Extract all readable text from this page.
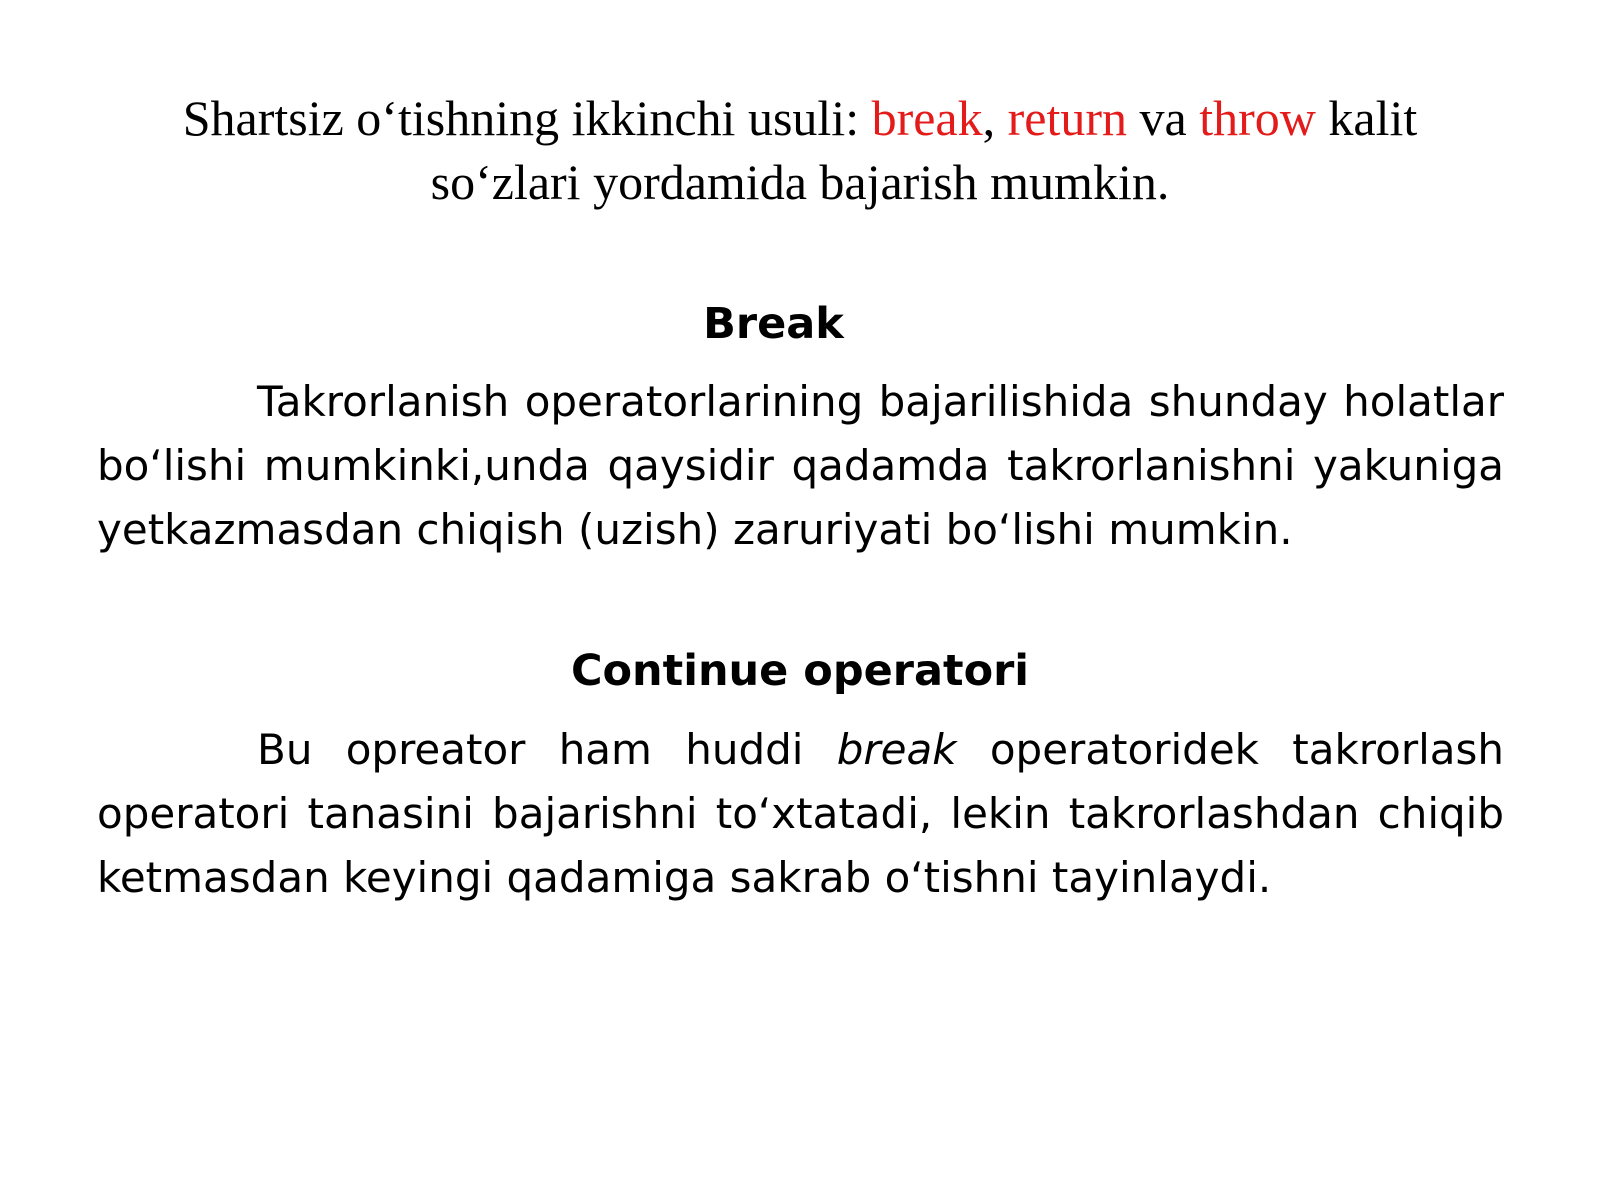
Shartsiz o‘tishning ikkinchi usuli: break, return va throw kalit so‘zlari yordamida bajarish mumkin.

Break

Takrorlanish operatorlarining bajarilishida shunday holatlar bo‘lishi mumkinki,unda qaysidir qadamda takrorlanishni yakuniga yetkazmasdan chiqish (uzish) zaruriyati bo‘lishi mumkin.

Continue operatori

Bu opreator ham huddi break operatoridek takrorlash operatori tanasini bajarishni to‘xtatadi, lekin takrorlashdan chiqib ketmasdan keyingi qadamiga sakrab o‘tishni tayinlaydi.
